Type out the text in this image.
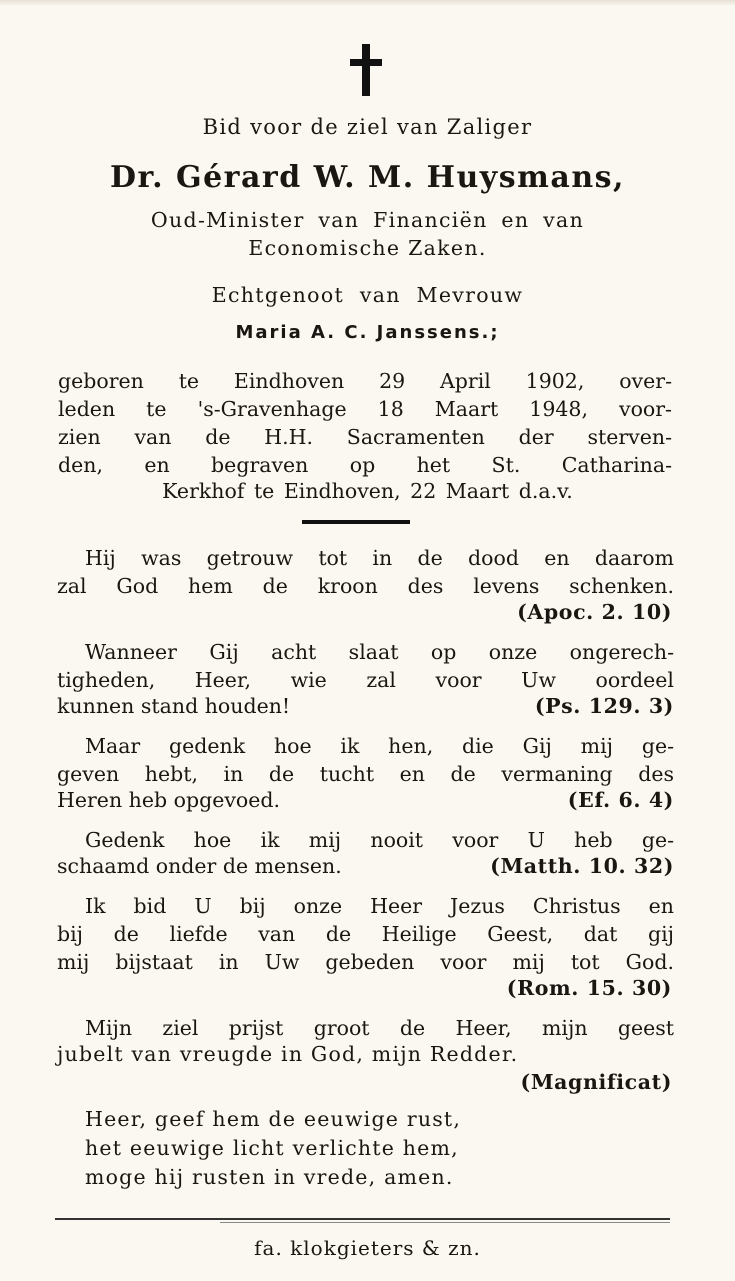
Bid voor de ziel van Zaliger
Dr. Gérard W. M. Huysmans,
Oud-Minister van Financiën en van
Economische Zaken.
Echtgenoot van Mevrouw
Maria A. C. Janssens.;
geboren te Eindhoven 29 April 1902, over-
leden te 's-Gravenhage 18 Maart 1948, voor-
zien van de H.H. Sacramenten der sterven-
den, en begraven op het St. Catharina-
Kerkhof te Eindhoven, 22 Maart d.a.v.
Hij was getrouw tot in de dood en daarom
zal God hem de kroon des levens schenken.
(Apoc. 2. 10)
Wanneer Gij acht slaat op onze ongerech-
tigheden, Heer, wie zal voor Uw oordeel
kunnen stand houden!	(Ps. 129. 3)
Maar gedenk hoe ik hen, die Gij mij ge-
geven hebt, in de tucht en de vermaning des
Heren heb opgevoed.	(Ef. 6. 4)
Gedenk hoe ik mij nooit voor U heb ge-
schaamd onder de mensen.	(Matth. 10. 32)
Ik bid U bij onze Heer Jezus Christus en
bij de liefde van de Heilige Geest, dat gij
mij bijstaat in Uw gebeden voor mij tot God.
(Rom. 15. 30)
Mijn ziel prijst groot de Heer, mijn geest
jubelt van vreugde in God, mijn Redder.
(Magnificat)
Heer, geef hem de eeuwige rust,
het eeuwige licht verlichte hem,
moge hij rusten in vrede, amen.
fa. klokgieters & zn.
